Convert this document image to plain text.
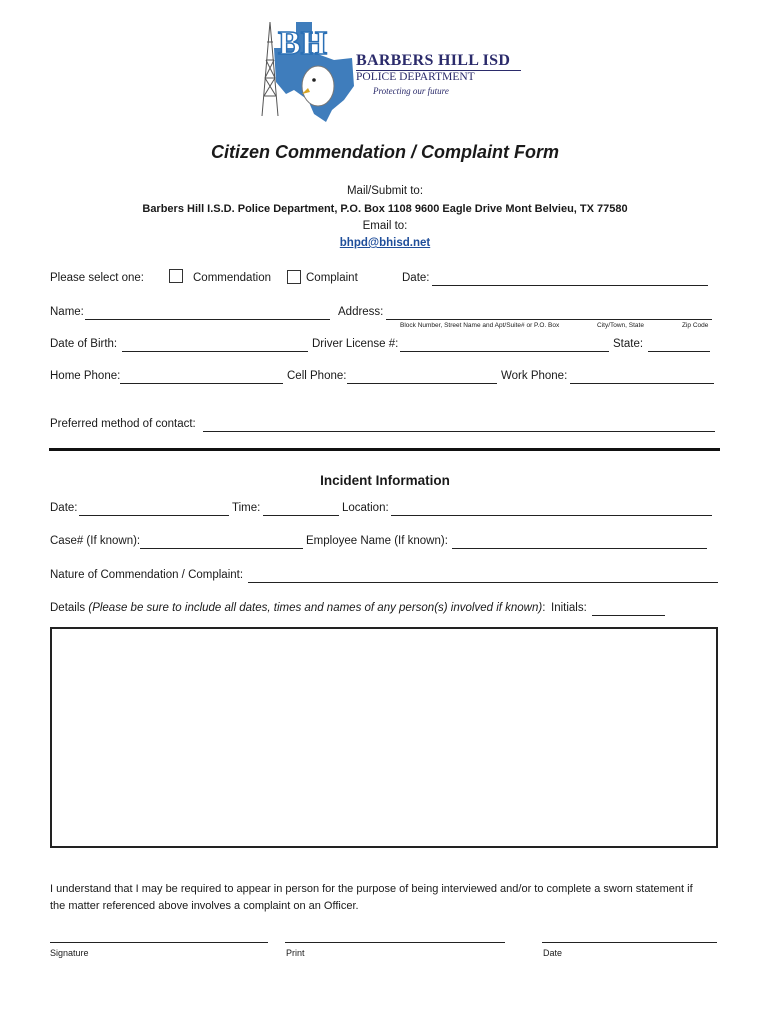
BH BARBERS HILL ISD
POLICE DEPARTMENT
Protecting our future
Citizen Commendation / Complaint Form
Mail/Submit to:
Barbers Hill I.S.D. Police Department, P.O. Box 1108 9600 Eagle Drive Mont Belvieu, TX 77580
Email to:
bhpd@bhisd.net
Please select one:	Commendation	Complaint	Date:
Name:	Address:
Block Number, Street Name and Apt/Suite# or P.O. Box	City/Town, State	Zip Code
Date of Birth:	Driver License #:	State:
Home Phone:	Cell Phone:	Work Phone:
Preferred method of contact:
Incident Information
Date:	Time:	Location:
Case# (If known):	Employee Name (If known):
Nature of Commendation / Complaint:
Details (Please be sure to include all dates, times and names of any person(s) involved if known): Initials:
I understand that I may be required to appear in person for the purpose of being interviewed and/or to complete a sworn statement if the matter referenced above involves a complaint on an Officer.
Signature	Print	Date
